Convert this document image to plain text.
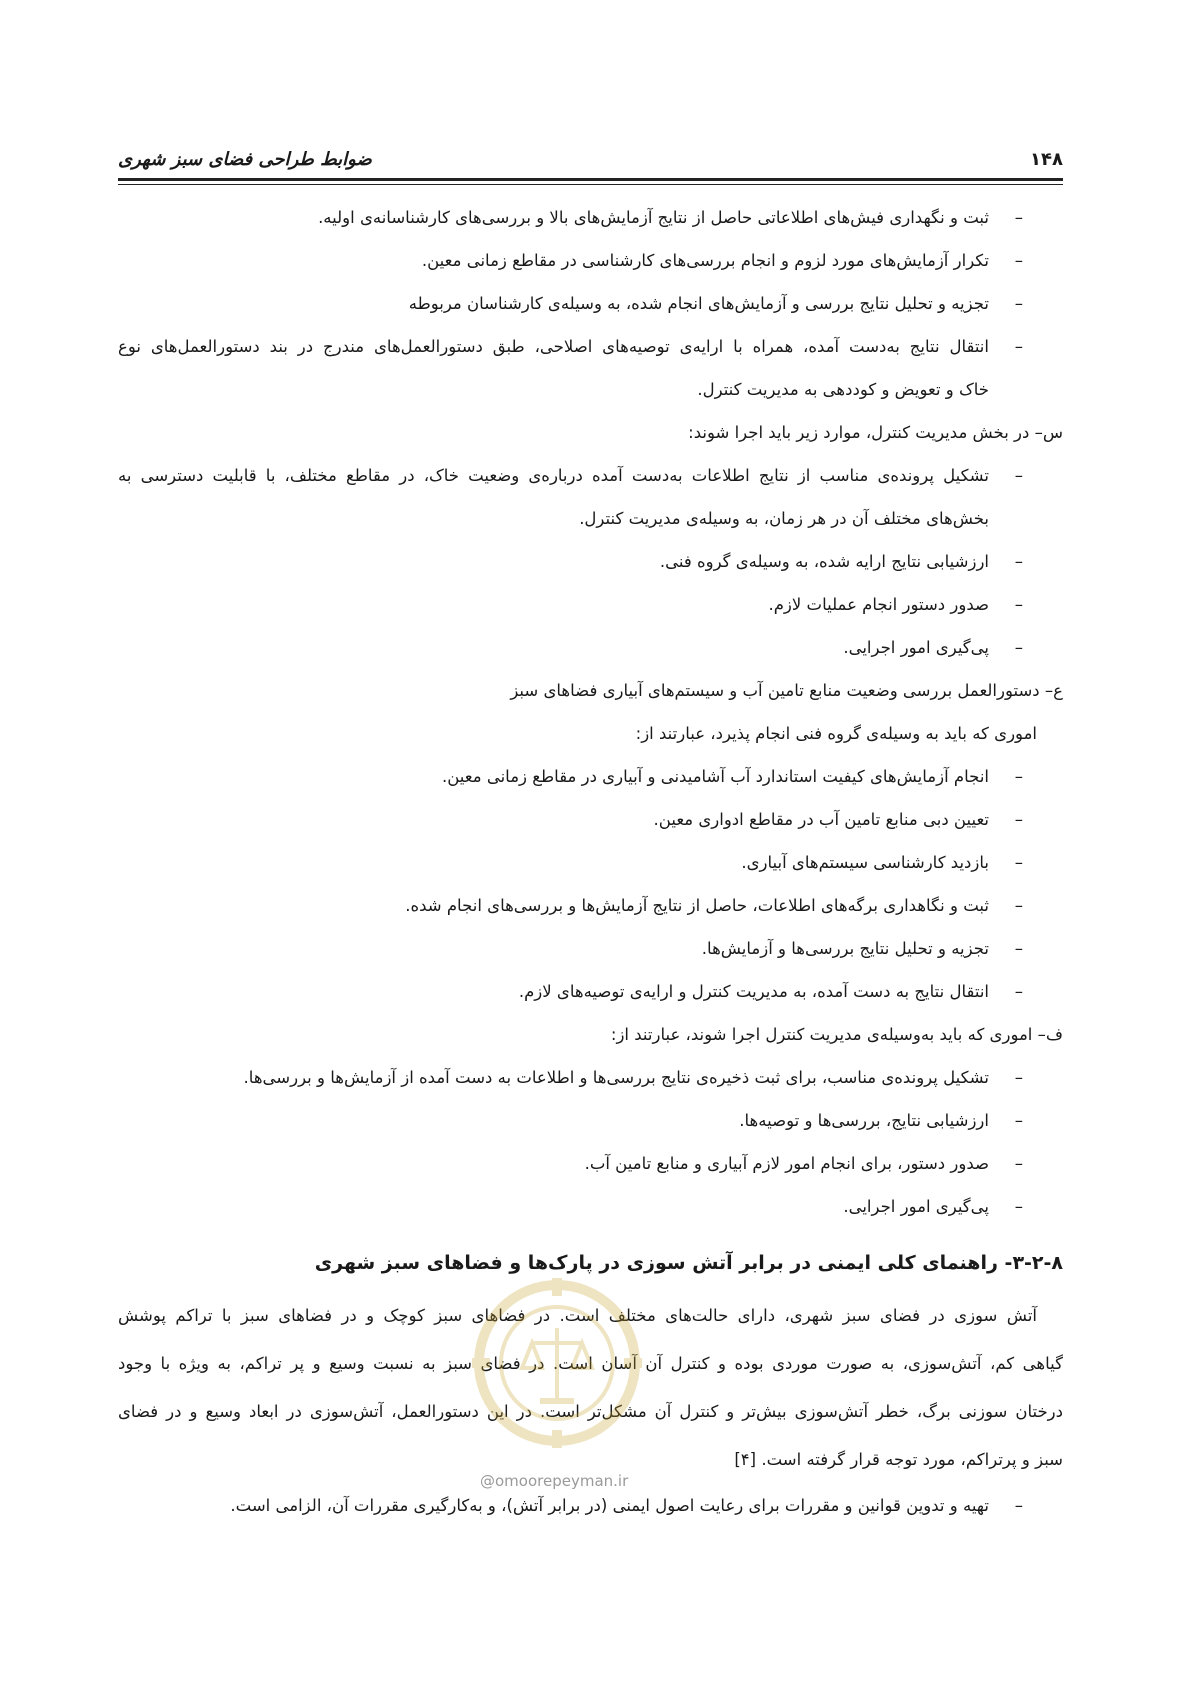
۱۴۸
ضوابط طراحی فضای سبز شهری
–
ثبت و نگهداری فیش‌های اطلاعاتی حاصل از نتایج آزمایش‌های بالا و بررسی‌های کارشناسانه‌ی اولیه.
–
تکرار آزمایش‌های مورد لزوم و انجام بررسی‌های کارشناسی در مقاطع زمانی معین.
–
تجزیه و تحلیل نتایج بررسی و آزمایش‌های انجام شده، به وسیله‌ی کارشناسان مربوطه
–
انتقال نتایج به‌دست آمده، همراه با ارایه‌ی توصیه‌های اصلاحی، طبق دستورالعمل‌های مندرج در بند دستورالعمل‌های نوع
خاک و تعویض و کوددهی به مدیریت کنترل.
س– در بخش مدیریت کنترل، موارد زیر باید اجرا شوند:
–
تشکیل پرونده‌ی مناسب از نتایج اطلاعات به‌دست آمده درباره‌ی وضعیت خاک، در مقاطع مختلف، با قابلیت دسترسی به
بخش‌های مختلف آن در هر زمان، به وسیله‌ی مدیریت کنترل.
–
ارزشیابی نتایج ارایه شده، به وسیله‌ی گروه فنی.
–
صدور دستور انجام عملیات لازم.
–
پی‌گیری امور اجرایی.
ع– دستورالعمل بررسی وضعیت منابع تامین آب و سیستم‌های آبیاری فضاهای سبز
اموری که باید به وسیله‌ی گروه فنی انجام پذیرد، عبارتند از:
–
انجام آزمایش‌های کیفیت استاندارد آب آشامیدنی و آبیاری در مقاطع زمانی معین.
–
تعیین دبی منابع تامین آب در مقاطع ادواری معین.
–
بازدید کارشناسی سیستم‌های آبیاری.
–
ثبت و نگاهداری برگه‌های اطلاعات، حاصل از نتایج آزمایش‌ها و بررسی‌های انجام شده.
–
تجزیه و تحلیل نتایج بررسی‌ها و آزمایش‌ها.
–
انتقال نتایج به دست آمده، به مدیریت کنترل و ارایه‌ی توصیه‌های لازم.
ف– اموری که باید به‌وسیله‌ی مدیریت کنترل اجرا شوند، عبارتند از:
–
تشکیل پرونده‌ی مناسب، برای ثبت ذخیره‌ی نتایج بررسی‌ها و اطلاعات به دست آمده از آزمایش‌ها و بررسی‌ها.
–
ارزشیابی نتایج، بررسی‌ها و توصیه‌ها.
–
صدور دستور، برای انجام امور لازم آبیاری و منابع تامین آب.
–
پی‌گیری امور اجرایی.
۳-۲-۸- راهنمای کلی ایمنی در برابر آتش سوزی در پارک‌ها و فضاهای سبز شهری
آتش سوزی در فضای سبز شهری، دارای حالت‌های مختلف است. در فضاهای سبز کوچک و در فضاهای سبز با تراکم پوشش
گیاهی کم، آتش‌سوزی، به صورت موردی بوده و کنترل آن آسان است. در فضای سبز به نسبت وسیع و پر تراکم، به ویژه با وجود
درختان سوزنی برگ، خطر آتش‌سوزی بیش‌تر و کنترل آن مشکل‌تر است. در این دستورالعمل، آتش‌سوزی در ابعاد وسیع و در فضای
سبز و پرتراکم، مورد توجه قرار گرفته است. [۴]
–
تهیه و تدوین قوانین و مقررات برای رعایت اصول ایمنی (در برابر آتش)، و به‌کارگیری مقررات آن، الزامی است.
@omoorepeyman.ir
